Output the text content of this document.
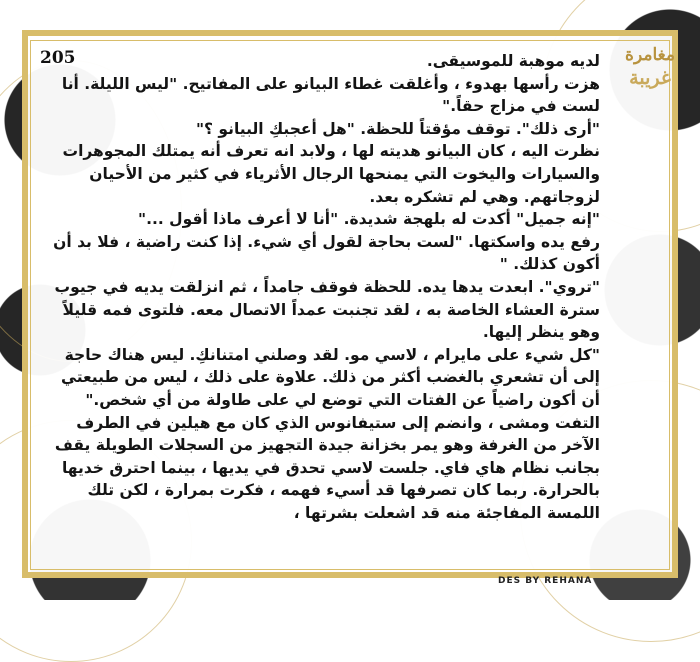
205	مغامرة
غريبة

لديه موهبة للموسيقى.

هزت رأسها بهدوء ، وأغلقت غطاء البيانو على المفاتيح. "ليس الليلة. أنا لست في مزاج حقاً."

"أرى ذلك". توقف مؤقتاً للحظة. "هل أعجبكِ البيانو ؟"

نظرت اليه ، كان البيانو هديته لها ، ولابد انه تعرف أنه يمتلك المجوهرات والسيارات واليخوت التي يمنحها الرجال الأثرياء في كثير من الأحيان لزوجاتهم. وهي لم تشكره بعد.

"إنه جميل" أكدت له بلهجة شديدة. "أنا لا أعرف ماذا أقول ..."

رفع يده واسكتها. "لست بحاجة لقول أي شيء. إذا كنت راضية ، فلا بد أن أكون كذلك. "

"تروي". ابعدت يدها يده. للحظة فوقف جامداً ، ثم انزلقت يديه في جيوب سترة العشاء الخاصة به ، لقد تجنبت عمداً الاتصال معه. فلتوى فمه قليلاً وهو ينظر إليها.

"كل شيء على مايرام ، لاسي مو. لقد وصلني امتنانكِ. ليس هناك حاجة إلى أن تشعري بالغضب أكثر من ذلك. علاوة على ذلك ، ليس من طبيعتي أن أكون راضياً عن الفتات التي توضع لي على طاولة من أي شخص."

التفت ومشى ، وانضم إلى ستيفانوس الذي كان مع هيلين في الطرف الآخر من الغرفة وهو يمر بخزانة جيدة التجهيز من السجلات الطويلة يقف بجانب نظام هاي فاي. جلست لاسي تحدق في يديها ، بينما احترق خديها بالحرارة. ربما كان تصرفها قد أسيء فهمه ، فكرت بمرارة ، لكن تلك اللمسة المفاجئة منه قد اشعلت بشرتها ،

DES BY REHANA
